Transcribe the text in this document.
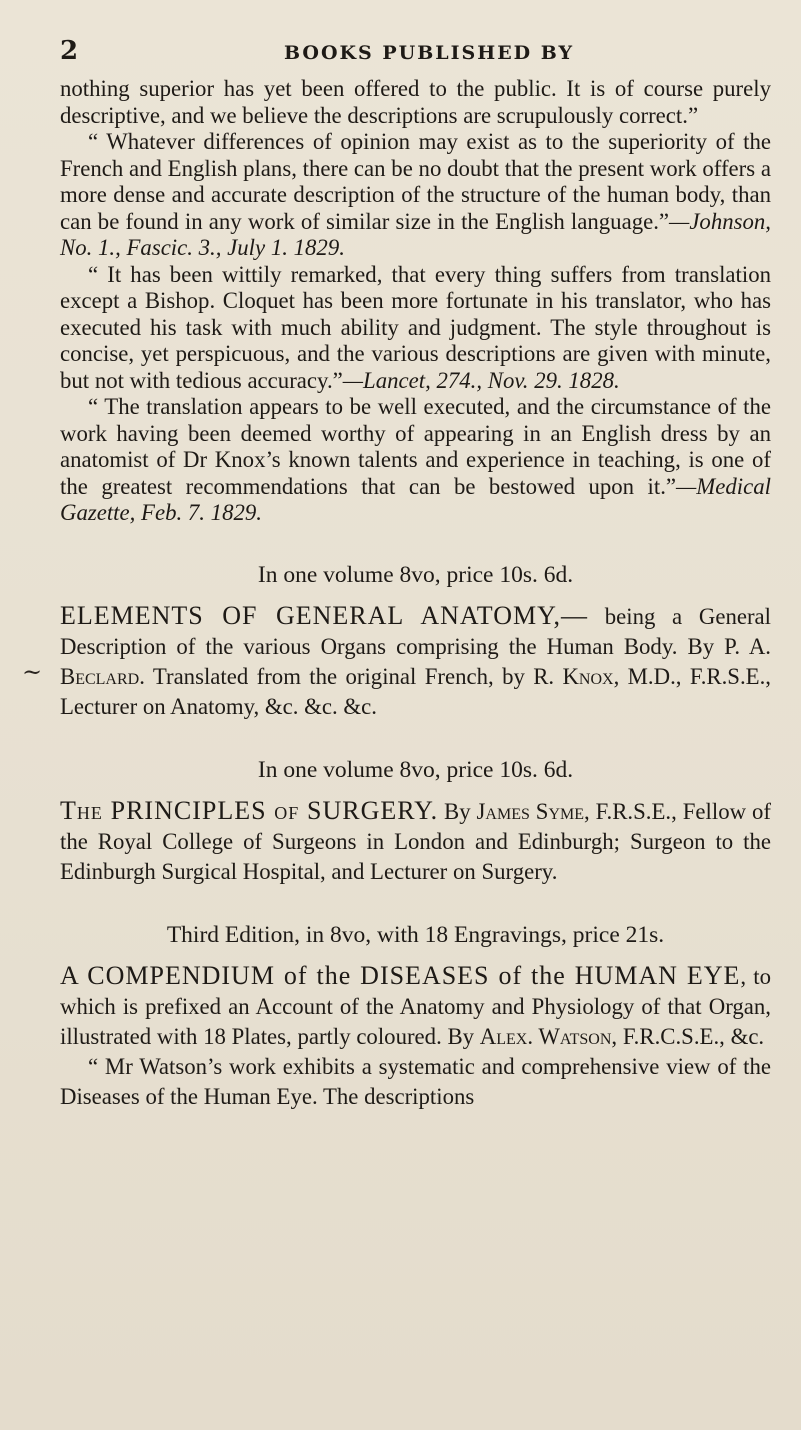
2	BOOKS PUBLISHED BY
~

nothing superior has yet been offered to the public. It is of course purely descriptive, and we believe the descriptions are scrupulously correct.”

“ Whatever differences of opinion may exist as to the superiority of the French and English plans, there can be no doubt that the present work offers a more dense and accurate description of the structure of the human body, than can be found in any work of similar size in the English language.”—Johnson, No. 1., Fascic. 3., July 1. 1829.

“ It has been wittily remarked, that every thing suffers from translation except a Bishop. Cloquet has been more fortunate in his translator, who has executed his task with much ability and judgment. The style throughout is concise, yet perspicuous, and the various descriptions are given with minute, but not with tedious accuracy.”—Lancet, 274., Nov. 29. 1828.

“ The translation appears to be well executed, and the circumstance of the work having been deemed worthy of appearing in an English dress by an anatomist of Dr Knox’s known talents and experience in teaching, is one of the greatest recommendations that can be bestowed upon it.”—Medical Gazette, Feb. 7. 1829.

In one volume 8vo, price 10s. 6d.

ELEMENTS OF GENERAL ANATOMY,— being a General Description of the various Organs comprising the Human Body. By P. A. Beclard. Translated from the original French, by R. Knox, M.D., F.R.S.E., Lecturer on Anatomy, &c. &c. &c.

In one volume 8vo, price 10s. 6d.

The PRINCIPLES of SURGERY. By James Syme, F.R.S.E., Fellow of the Royal College of Surgeons in London and Edinburgh; Surgeon to the Edinburgh Surgical Hospital, and Lecturer on Surgery.

Third Edition, in 8vo, with 18 Engravings, price 21s.

A COMPENDIUM of the DISEASES of the HUMAN EYE, to which is prefixed an Account of the Anatomy and Physiology of that Organ, illustrated with 18 Plates, partly coloured. By Alex. Watson, F.R.C.S.E., &c.

“ Mr Watson’s work exhibits a systematic and comprehensive view of the Diseases of the Human Eye. The descriptions
